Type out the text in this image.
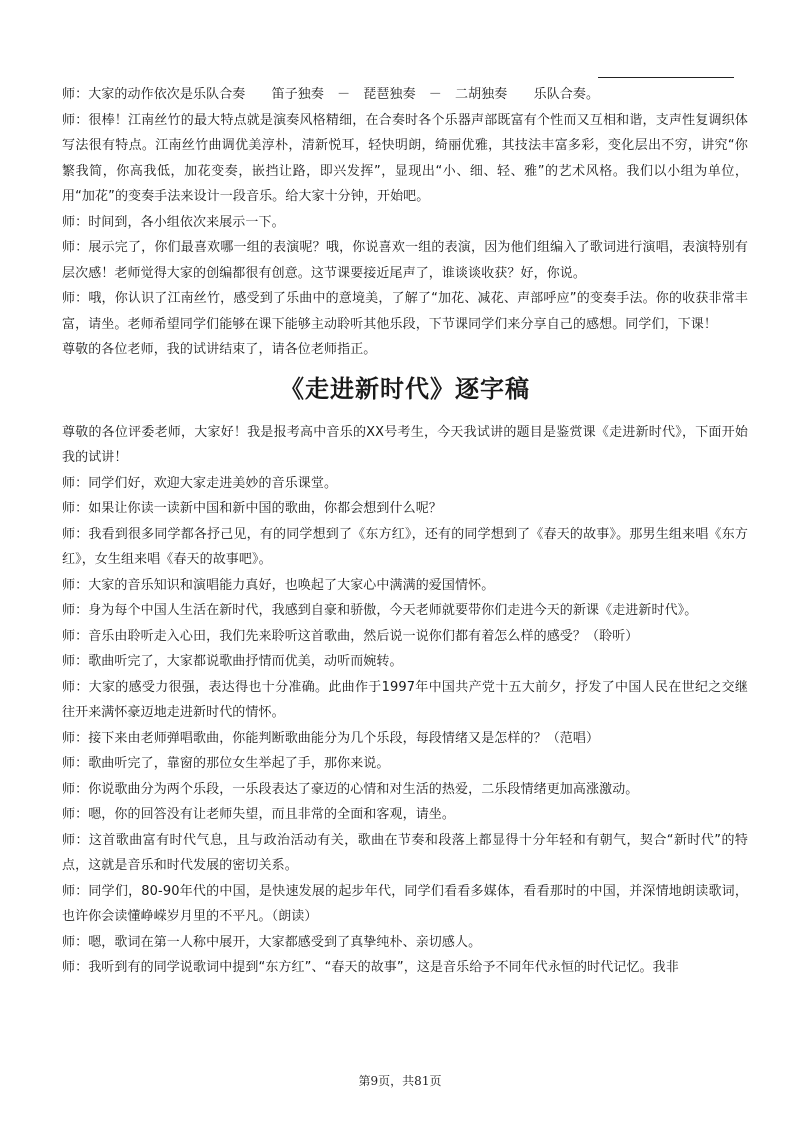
师：大家的动作依次是乐队合奏　　笛子独奏　－　琵琶独奏　－　二胡独奏　　乐队合奏。

师：很棒！江南丝竹的最大特点就是演奏风格精细，在合奏时各个乐器声部既富有个性而又互相和谐，支声性复调织体写法很有特点。江南丝竹曲调优美淳朴，清新悦耳，轻快明朗，绮丽优雅，其技法丰富多彩，变化层出不穷，讲究“你繁我简，你高我低，加花变奏，嵌挡让路，即兴发挥”，显现出“小、细、轻、雅”的艺术风格。我们以小组为单位，用“加花”的变奏手法来设计一段音乐。给大家十分钟，开始吧。

师：时间到，各小组依次来展示一下。

师：展示完了，你们最喜欢哪一组的表演呢？哦，你说喜欢一组的表演，因为他们组编入了歌词进行演唱，表演特别有层次感！老师觉得大家的创编都很有创意。这节课要接近尾声了，谁谈谈收获？好，你说。

师：哦，你认识了江南丝竹，感受到了乐曲中的意境美，了解了“加花、减花、声部呼应”的变奏手法。你的收获非常丰富，请坐。老师希望同学们能够在课下能够主动聆听其他乐段，下节课同学们来分享自己的感想。同学们，下课！

尊敬的各位老师，我的试讲结束了，请各位老师指正。

《走进新时代》逐字稿

尊敬的各位评委老师，大家好！我是报考高中音乐的XX号考生，今天我试讲的题目是鉴赏课《走进新时代》，下面开始我的试讲！

师：同学们好，欢迎大家走进美妙的音乐课堂。

师：如果让你读一读新中国和新中国的歌曲，你都会想到什么呢？

师：我看到很多同学都各抒己见，有的同学想到了《东方红》，还有的同学想到了《春天的故事》。那男生组来唱《东方红》，女生组来唱《春天的故事吧》。

师：大家的音乐知识和演唱能力真好，也唤起了大家心中满满的爱国情怀。

师：身为每个中国人生活在新时代，我感到自豪和骄傲，今天老师就要带你们走进今天的新课《走进新时代》。

师：音乐由聆听走入心田，我们先来聆听这首歌曲，然后说一说你们都有着怎么样的感受？（聆听）

师：歌曲听完了，大家都说歌曲抒情而优美，动听而婉转。

师：大家的感受力很强，表达得也十分准确。此曲作于1997年中国共产党十五大前夕，抒发了中国人民在世纪之交继往开来满怀豪迈地走进新时代的情怀。

师：接下来由老师弹唱歌曲，你能判断歌曲能分为几个乐段，每段情绪又是怎样的？（范唱）

师：歌曲听完了，靠窗的那位女生举起了手，那你来说。

师：你说歌曲分为两个乐段，一乐段表达了豪迈的心情和对生活的热爱，二乐段情绪更加高涨激动。

师：嗯，你的回答没有让老师失望，而且非常的全面和客观，请坐。

师：这首歌曲富有时代气息，且与政治活动有关，歌曲在节奏和段落上都显得十分年轻和有朝气，契合“新时代”的特点，这就是音乐和时代发展的密切关系。

师：同学们，80-90年代的中国，是快速发展的起步年代，同学们看看多媒体，看看那时的中国，并深情地朗读歌词，也许你会读懂峥嵘岁月里的不平凡。（朗读）

师：嗯，歌词在第一人称中展开，大家都感受到了真挚纯朴、亲切感人。

师：我听到有的同学说歌词中提到“东方红”、“春天的故事”，这是音乐给予不同年代永恒的时代记忆。我非

第9页，共81页
